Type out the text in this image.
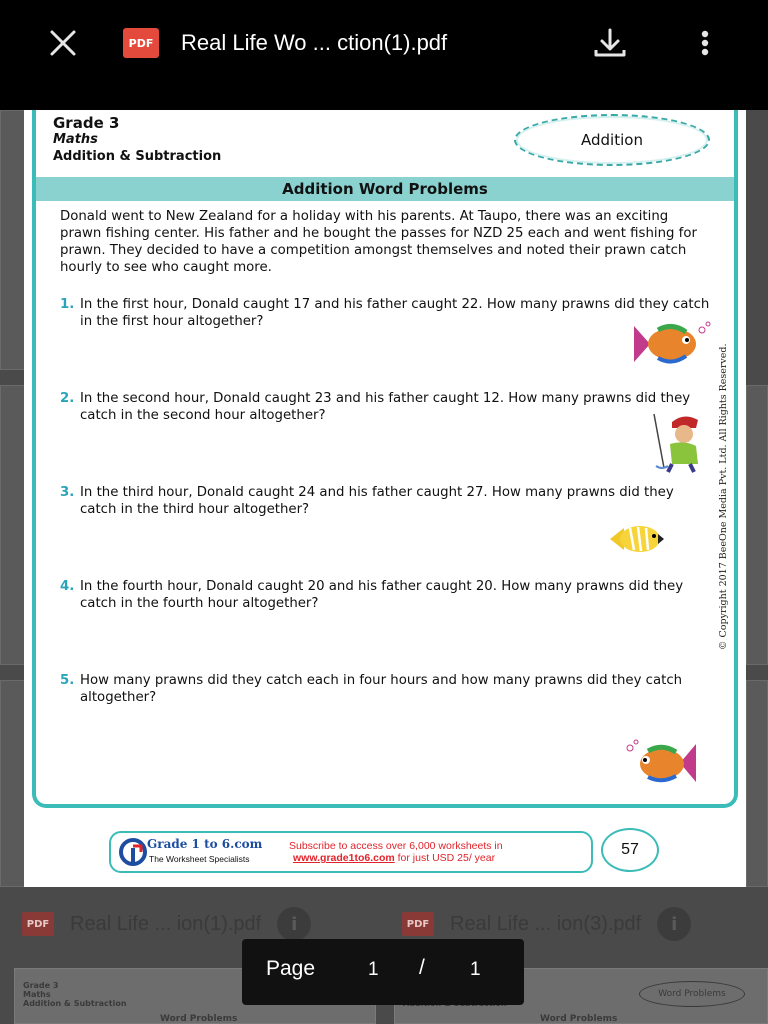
PDF Real Life ... ion(1).pdf	i	PDF Real Life ... ion(3).pdf	i
Grade 3
Maths
Addition & Subtraction
Word Problems
Word Problems
Word Problems
PDF Real Life Wo ... ction(1).pdf
Grade 3
Maths
Addition & Subtraction
Addition
Addition Word Problems
Donald went to New Zealand for a holiday with his parents. At Taupo, there was an exciting prawn fishing center. His father and he bought the passes for NZD 25 each and went fishing for prawn. They decided to have a competition amongst themselves and noted their prawn catch hourly to see who caught more.
1. In the first hour, Donald caught 17 and his father caught 22. How many prawns did they catch in the first hour altogether?
2. In the second hour, Donald caught 23 and his father caught 12. How many prawns did they catch in the second hour altogether?
3. In the third hour, Donald caught 24 and his father caught 27. How many prawns did they catch in the third hour altogether?
4. In the fourth hour, Donald caught 20 and his father caught 20. How many prawns did they catch in the fourth hour altogether?
5. How many prawns did they catch each in four hours and how many prawns did they catch altogether?
© Copyright 2017 BeeOne Media Pvt. Ltd. All Rights Reserved.
Grade 1 to 6.com
The Worksheet Specialists
Subscribe to access over 6,000 worksheets in
www.grade1to6.com for just USD 25/ year	57
Page	1 / 1
